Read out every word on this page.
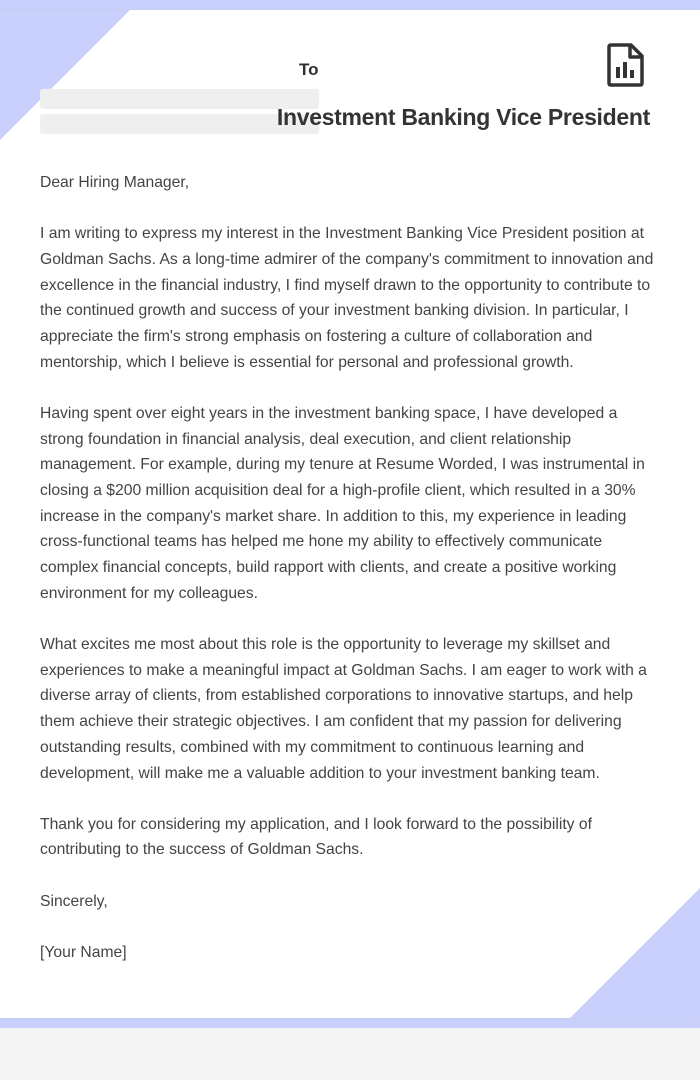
To
Investment Banking Vice President

Dear Hiring Manager,

I am writing to express my interest in the Investment Banking Vice President position at Goldman Sachs. As a long-time admirer of the company's commitment to innovation and excellence in the financial industry, I find myself drawn to the opportunity to contribute to the continued growth and success of your investment banking division. In particular, I appreciate the firm's strong emphasis on fostering a culture of collaboration and mentorship, which I believe is essential for personal and professional growth.

Having spent over eight years in the investment banking space, I have developed a strong foundation in financial analysis, deal execution, and client relationship management. For example, during my tenure at Resume Worded, I was instrumental in closing a $200 million acquisition deal for a high-profile client, which resulted in a 30% increase in the company's market share. In addition to this, my experience in leading cross-functional teams has helped me hone my ability to effectively communicate complex financial concepts, build rapport with clients, and create a positive working environment for my colleagues.

What excites me most about this role is the opportunity to leverage my skillset and experiences to make a meaningful impact at Goldman Sachs. I am eager to work with a diverse array of clients, from established corporations to innovative startups, and help them achieve their strategic objectives. I am confident that my passion for delivering outstanding results, combined with my commitment to continuous learning and development, will make me a valuable addition to your investment banking team.

Thank you for considering my application, and I look forward to the possibility of contributing to the success of Goldman Sachs.

Sincerely,

[Your Name]
